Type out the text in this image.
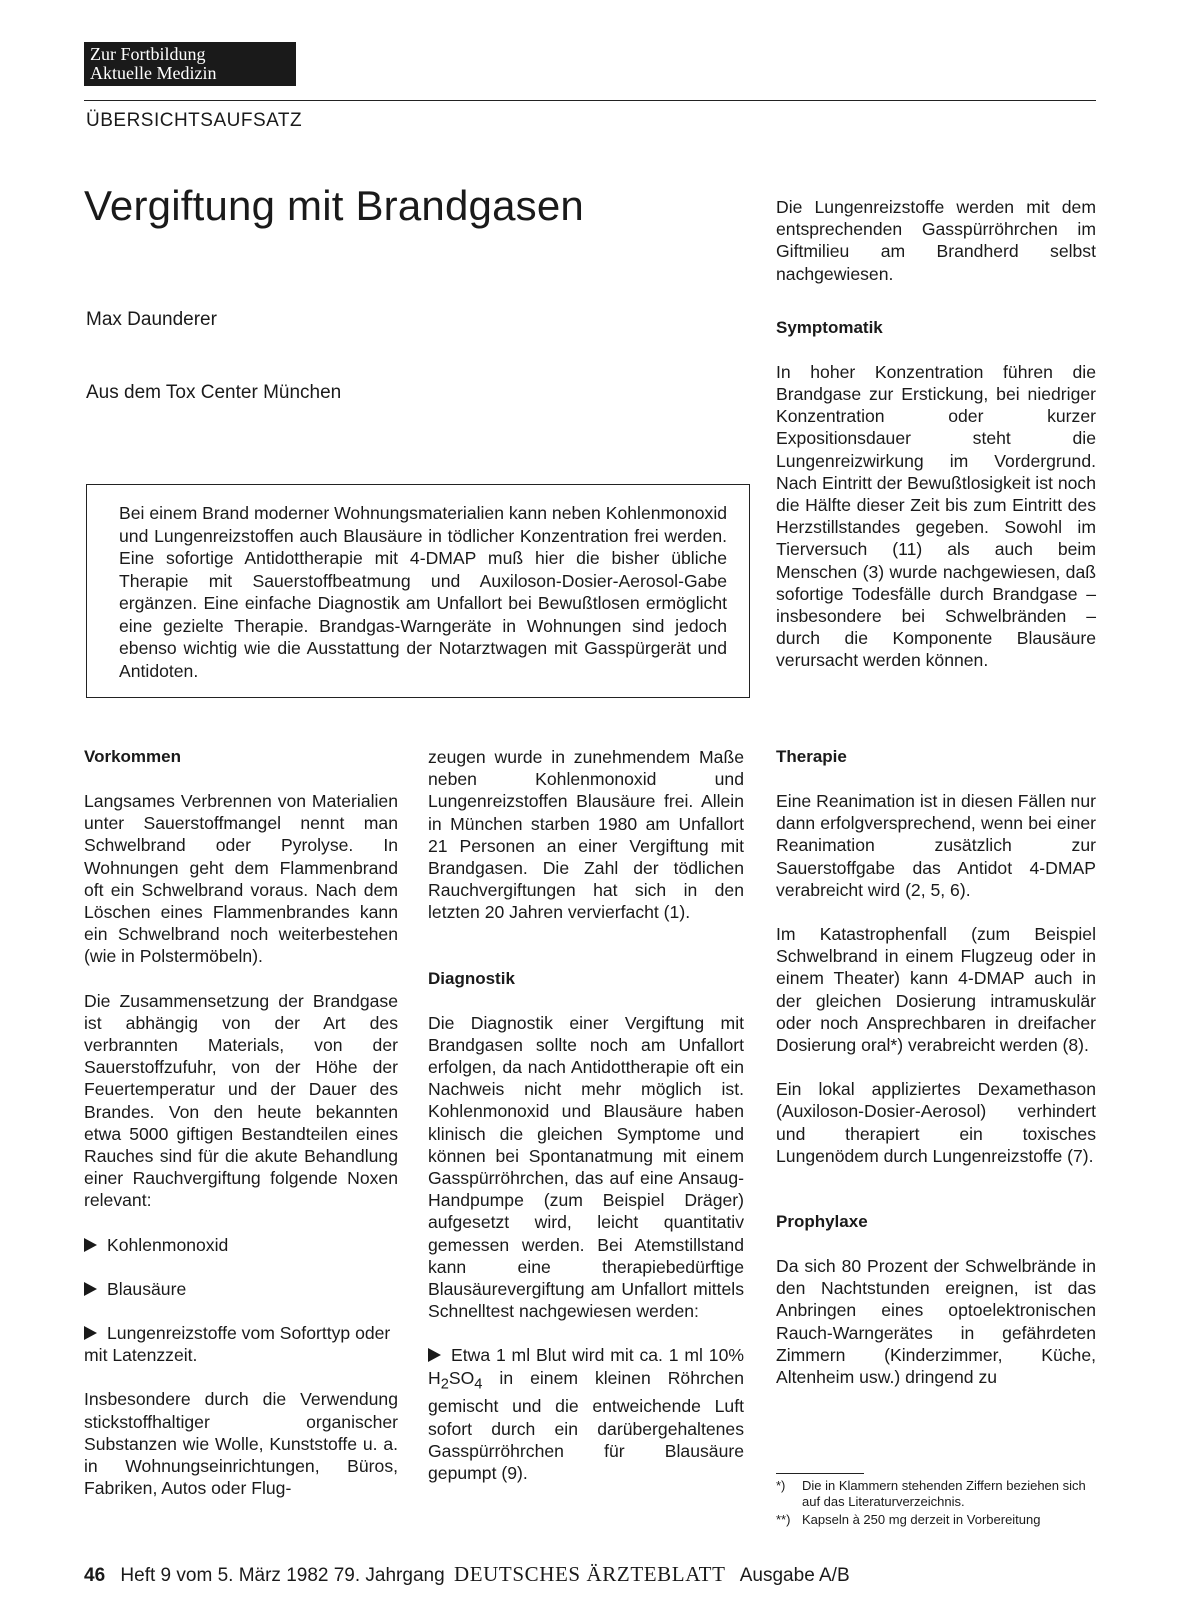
Zur Fortbildung
Aktuelle Medizin
ÜBERSICHTSAUFSATZ
Vergiftung mit Brandgasen
Max Daunderer
Aus dem Tox Center München

Bei einem Brand moderner Wohnungsmaterialien kann neben Kohlenmonoxid und Lungenreizstoffen auch Blausäure in tödlicher Konzentration frei werden. Eine sofortige Antidottherapie mit 4-DMAP muß hier die bisher übliche Therapie mit Sauerstoffbeatmung und Auxiloson-Dosier-Aerosol-Gabe ergänzen. Eine einfache Diagnostik am Unfallort bei Bewußtlosen ermöglicht eine gezielte Therapie. Brandgas-Warngeräte in Wohnungen sind jedoch ebenso wichtig wie die Ausstattung der Notarztwagen mit Gasspürgerät und Antidoten.

Vorkommen

Langsames Verbrennen von Materialien unter Sauerstoffmangel nennt man Schwelbrand oder Pyrolyse. In Wohnungen geht dem Flammenbrand oft ein Schwelbrand voraus. Nach dem Löschen eines Flammenbrandes kann ein Schwelbrand noch weiterbestehen (wie in Polstermöbeln).

Die Zusammensetzung der Brandgase ist abhängig von der Art des verbrannten Materials, von der Sauerstoffzufuhr, von der Höhe der Feuertemperatur und der Dauer des Brandes. Von den heute bekannten etwa 5000 giftigen Bestandteilen eines Rauches sind für die akute Behandlung einer Rauchvergiftung folgende Noxen relevant:

Kohlenmonoxid

Blausäure

Lungenreizstoffe vom Soforttyp oder mit Latenzzeit.

Insbesondere durch die Verwendung stickstoffhaltiger organischer Substanzen wie Wolle, Kunststoffe u. a. in Wohnungseinrichtungen, Büros, Fabriken, Autos oder Flug-

zeugen wurde in zunehmendem Maße neben Kohlenmonoxid und Lungenreizstoffen Blausäure frei. Allein in München starben 1980 am Unfallort 21 Personen an einer Vergiftung mit Brandgasen. Die Zahl der tödlichen Rauchvergiftungen hat sich in den letzten 20 Jahren vervierfacht (1).

Diagnostik

Die Diagnostik einer Vergiftung mit Brandgasen sollte noch am Unfallort erfolgen, da nach Antidottherapie oft ein Nachweis nicht mehr möglich ist. Kohlenmonoxid und Blausäure haben klinisch die gleichen Symptome und können bei Spontanatmung mit einem Gasspürröhrchen, das auf eine Ansaug-Handpumpe (zum Beispiel Dräger) aufgesetzt wird, leicht quantitativ gemessen werden. Bei Atemstillstand kann eine therapiebedürftige Blausäurevergiftung am Unfallort mittels Schnelltest nachgewiesen werden:

Etwa 1 ml Blut wird mit ca. 1 ml 10% $H_2SO_4$ in einem kleinen Röhrchen gemischt und die entweichende Luft sofort durch ein darübergehaltenes Gasspürröhrchen für Blausäure gepumpt (9).

Die Lungenreizstoffe werden mit dem entsprechenden Gasspürröhrchen im Giftmilieu am Brandherd selbst nachgewiesen.

Symptomatik

In hoher Konzentration führen die Brandgase zur Erstickung, bei niedriger Konzentration oder kurzer Expositionsdauer steht die Lungenreizwirkung im Vordergrund. Nach Eintritt der Bewußtlosigkeit ist noch die Hälfte dieser Zeit bis zum Eintritt des Herzstillstandes gegeben. Sowohl im Tierversuch (11) als auch beim Menschen (3) wurde nachgewiesen, daß sofortige Todesfälle durch Brandgase – insbesondere bei Schwelbränden – durch die Komponente Blausäure verursacht werden können.

Therapie

Eine Reanimation ist in diesen Fällen nur dann erfolgversprechend, wenn bei einer Reanimation zusätzlich zur Sauerstoffgabe das Antidot 4-DMAP verabreicht wird (2, 5, 6).

Im Katastrophenfall (zum Beispiel Schwelbrand in einem Flugzeug oder in einem Theater) kann 4-DMAP auch in der gleichen Dosierung intramuskulär oder noch Ansprechbaren in dreifacher Dosierung oral*) verabreicht werden (8).

Ein lokal appliziertes Dexamethason (Auxiloson-Dosier-Aerosol) verhindert und therapiert ein toxisches Lungenödem durch Lungenreizstoffe (7).

Prophylaxe

Da sich 80 Prozent der Schwelbrände in den Nachtstunden ereignen, ist das Anbringen eines optoelektronischen Rauch-Warngerätes in gefährdeten Zimmern (Kinderzimmer, Küche, Altenheim usw.) dringend zu

*)	Die in Klammern stehenden Ziffern beziehen sich auf das Literaturverzeichnis.
**) Kapseln à 250 mg derzeit in Vorbereitung
46 Heft 9 vom 5. März 1982 79. Jahrgang DEUTSCHES ÄRZTEBLATT Ausgabe A/B
